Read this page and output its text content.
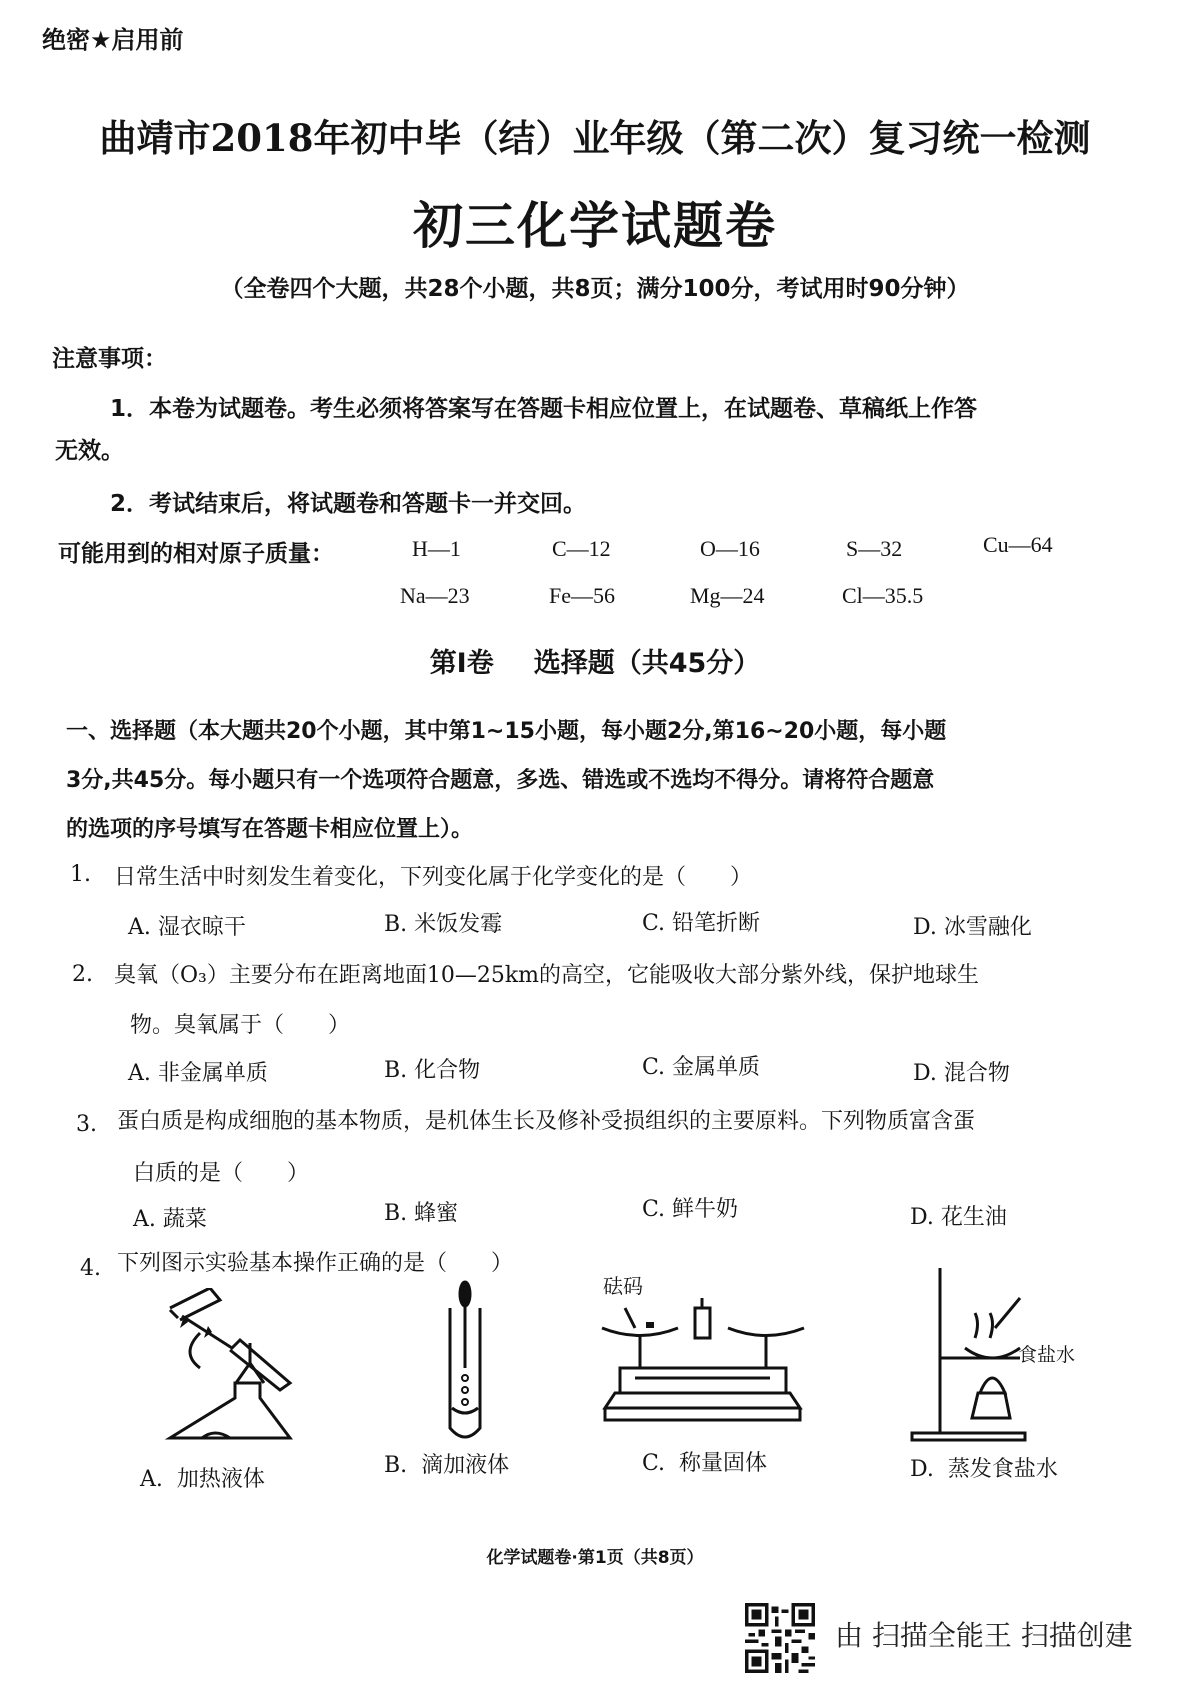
绝密★启用前
曲靖市2018年初中毕（结）业年级（第二次）复习统一检测
初三化学试题卷
（全卷四个大题，共28个小题，共8页；满分100分，考试用时90分钟）
注意事项：
1．本卷为试题卷。考生必须将答案写在答题卡相应位置上，在试题卷、草稿纸上作答
无效。
2．考试结束后，将试题卷和答题卡一并交回。
可能用到的相对原子质量：	H—1	C—12	O—16	S—32	Cu—64
Na—23	Fe—56	Mg—24	Cl—35.5
第Ⅰ卷 选择题（共45分）
一、选择题（本大题共20个小题，其中第1~15小题，每小题2分,第16~20小题，每小题
3分,共45分。每小题只有一个选项符合题意，多选、错选或不选均不得分。请将符合题意
的选项的序号填写在答题卡相应位置上）。
1. 日常生活中时刻发生着变化，下列变化属于化学变化的是（　　）
A. 湿衣晾干	B. 米饭发霉	C. 铅笔折断	D. 冰雪融化
2. 臭氧（O₃）主要分布在距离地面10—25km的高空，它能吸收大部分紫外线，保护地球生
物。臭氧属于（　　）
A. 非金属单质	B. 化合物	C. 金属单质	D. 混合物
3. 蛋白质是构成细胞的基本物质，是机体生长及修补受损组织的主要原料。下列物质富含蛋
白质的是（　　）
A. 蔬菜	B. 蜂蜜	C. 鲜牛奶	D. 花生油
4. 下列图示实验基本操作正确的是（　　）
A. 加热液体
B. 滴加液体
砝码
C. 称量固体
食盐水
D. 蒸发食盐水
化学试题卷·第1页（共8页）
由 扫描全能王 扫描创建
